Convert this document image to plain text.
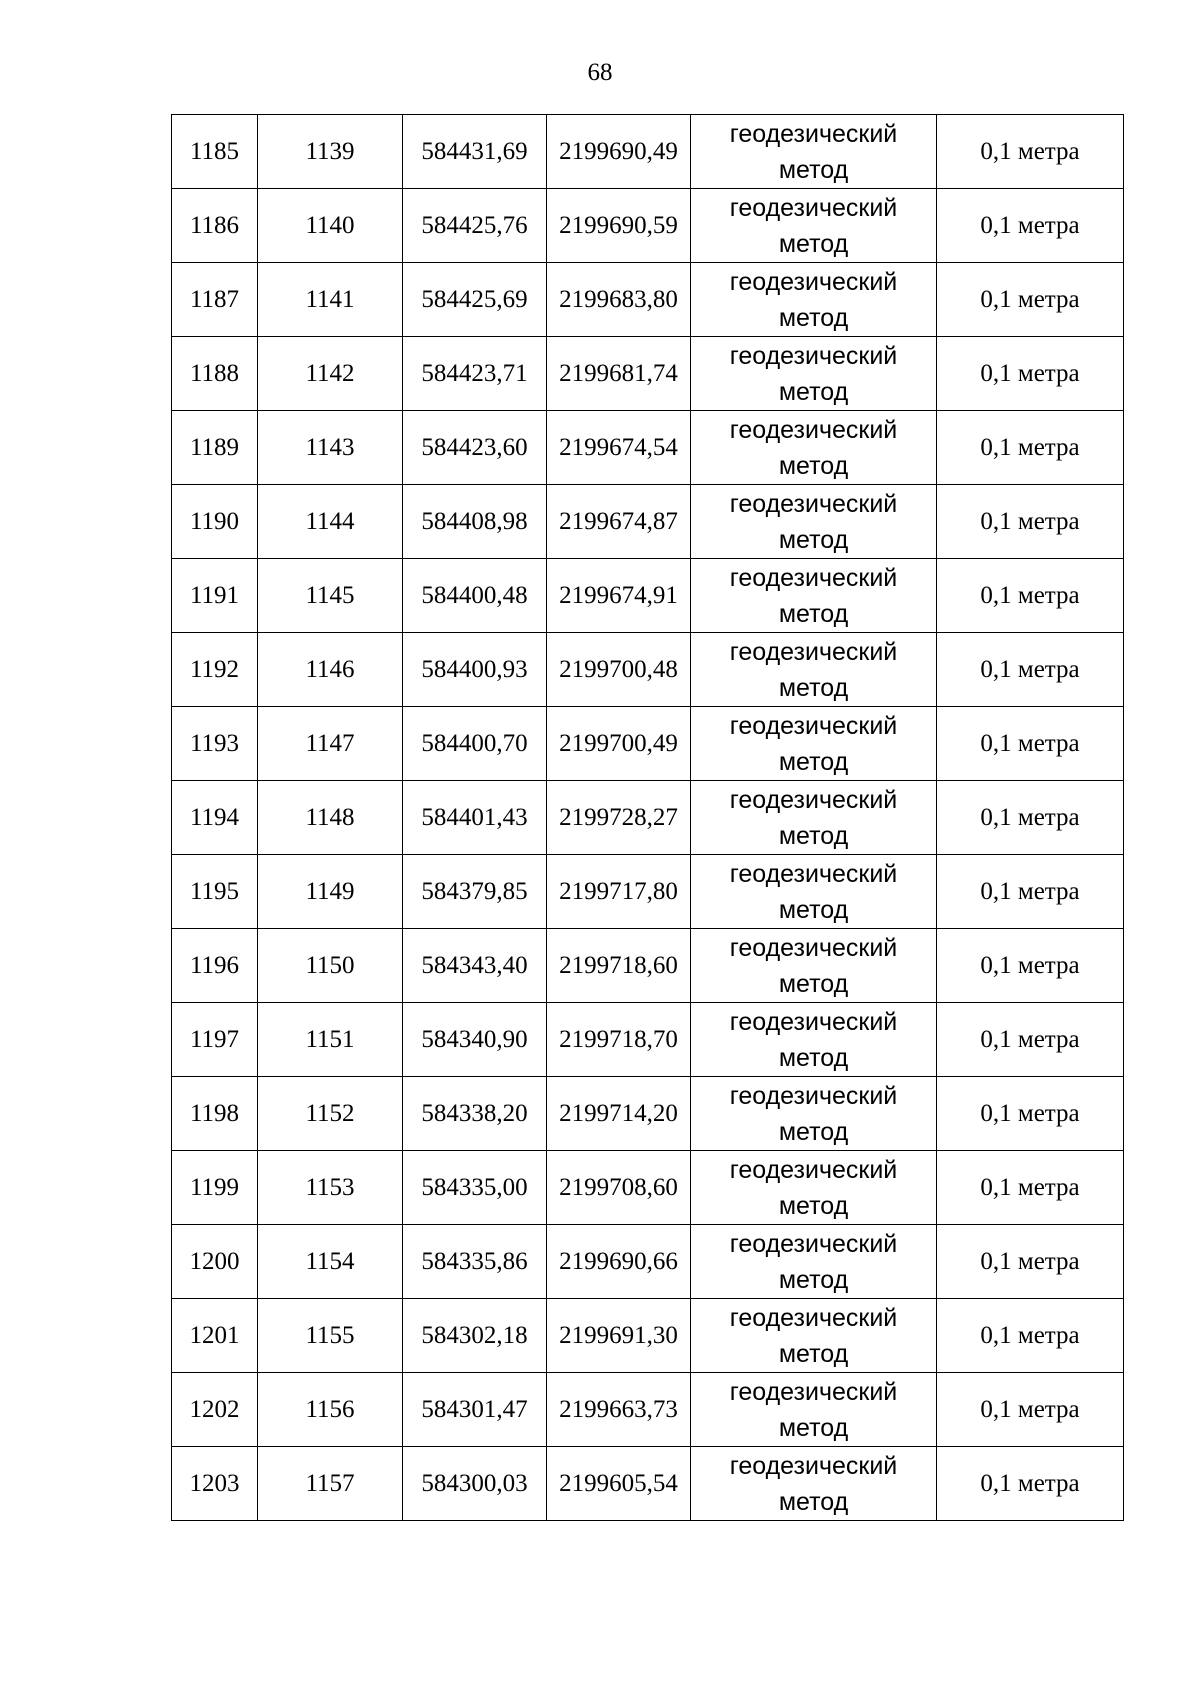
68
1185	1139	584431,69	2199690,49	геодезический метод	0,1 метра
1186	1140	584425,76	2199690,59	геодезический метод	0,1 метра
1187	1141	584425,69	2199683,80	геодезический метод	0,1 метра
1188	1142	584423,71	2199681,74	геодезический метод	0,1 метра
1189	1143	584423,60	2199674,54	геодезический метод	0,1 метра
1190	1144	584408,98	2199674,87	геодезический метод	0,1 метра
1191	1145	584400,48	2199674,91	геодезический метод	0,1 метра
1192	1146	584400,93	2199700,48	геодезический метод	0,1 метра
1193	1147	584400,70	2199700,49	геодезический метод	0,1 метра
1194	1148	584401,43	2199728,27	геодезический метод	0,1 метра
1195	1149	584379,85	2199717,80	геодезический метод	0,1 метра
1196	1150	584343,40	2199718,60	геодезический метод	0,1 метра
1197	1151	584340,90	2199718,70	геодезический метод	0,1 метра
1198	1152	584338,20	2199714,20	геодезический метод	0,1 метра
1199	1153	584335,00	2199708,60	геодезический метод	0,1 метра
1200	1154	584335,86	2199690,66	геодезический метод	0,1 метра
1201	1155	584302,18	2199691,30	геодезический метод	0,1 метра
1202	1156	584301,47	2199663,73	геодезический метод	0,1 метра
1203	1157	584300,03	2199605,54	геодезический метод	0,1 метра
